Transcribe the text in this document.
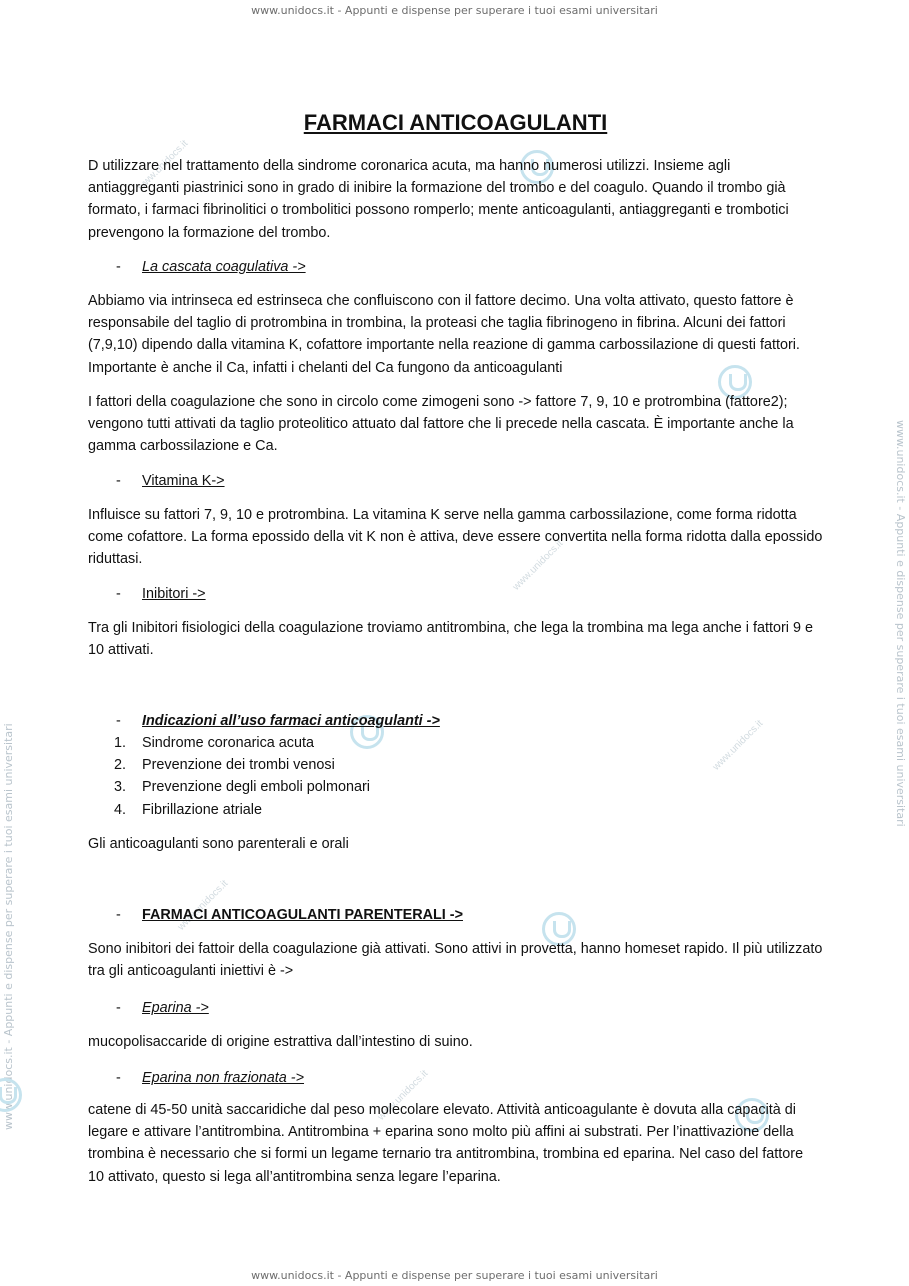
www.unidocs.it - Appunti e dispense per superare i tuoi esami universitari
www.unidocs.it - Appunti e dispense per superare i tuoi esami universitari
www.unidocs.it - Appunti e dispense per superare i tuoi esami universitari
www.unidocs.it - Appunti e dispense per superare i tuoi esami universitari
www.unidocs.it
www.unidocs.it
www.unidocs.it
www.unidocs.it
www.unidocs.it
FARMACI ANTICOAGULANTI

D utilizzare nel trattamento della sindrome coronarica acuta, ma hanno numerosi utilizzi. Insieme agli antiaggreganti piastrinici sono in grado di inibire la formazione del trombo e del coagulo. Quando il trombo già formato, i farmaci fibrinolitici o trombolitici possono romperlo; mente anticoagulanti, antiaggreganti e trombotici prevengono la formazione del trombo.

- La cascata coagulativa ->

Abbiamo via intrinseca ed estrinseca che confluiscono con il fattore decimo. Una volta attivato, questo fattore è responsabile del taglio di protrombina in trombina, la proteasi che taglia fibrinogeno in fibrina. Alcuni dei fattori (7,9,10) dipendo dalla vitamina K, cofattore importante nella reazione di gamma carbossilazione di questi fattori. Importante è anche il Ca, infatti i chelanti del Ca fungono da anticoagulanti

I fattori della coagulazione che sono in circolo come zimogeni sono -> fattore 7, 9, 10 e protrombina (fattore2); vengono tutti attivati da taglio proteolitico attuato dal fattore che li precede nella cascata. È importante anche la gamma carbossilazione e Ca.

- Vitamina K->

Influisce su fattori 7, 9, 10 e protrombina. La vitamina K serve nella gamma carbossilazione, come forma ridotta come cofattore. La forma epossido della vit K non è attiva, deve essere convertita nella forma ridotta dalla epossido riduttasi.

- Inibitori ->

Tra gli Inibitori fisiologici della coagulazione troviamo antitrombina, che lega la trombina ma lega anche i fattori 9 e 10 attivati.

- Indicazioni all’uso farmaci anticoagulanti ->
1.	Sindrome coronarica acuta
2.	Prevenzione dei trombi venosi
3.	Prevenzione degli emboli polmonari
4.	Fibrillazione atriale

Gli anticoagulanti sono parenterali e orali

- FARMACI ANTICOAGULANTI PARENTERALI ->

Sono inibitori dei fattoir della coagulazione già attivati. Sono attivi in provetta, hanno homeset rapido. Il più utilizzato tra gli anticoagulanti iniettivi è ->

- Eparina ->

mucopolisaccaride di origine estrattiva dall’intestino di suino.

- Eparina non frazionata ->

catene di 45-50 unità saccaridiche dal peso molecolare elevato. Attività anticoagulante è dovuta alla capacità di legare e attivare l’antitrombina. Antitrombina + eparina sono molto più affini ai substrati. Per l’inattivazione della trombina è necessario che si formi un legame ternario tra antitrombina, trombina ed eparina. Nel caso del fattore 10 attivato, questo si lega all’antitrombina senza legare l’eparina.
